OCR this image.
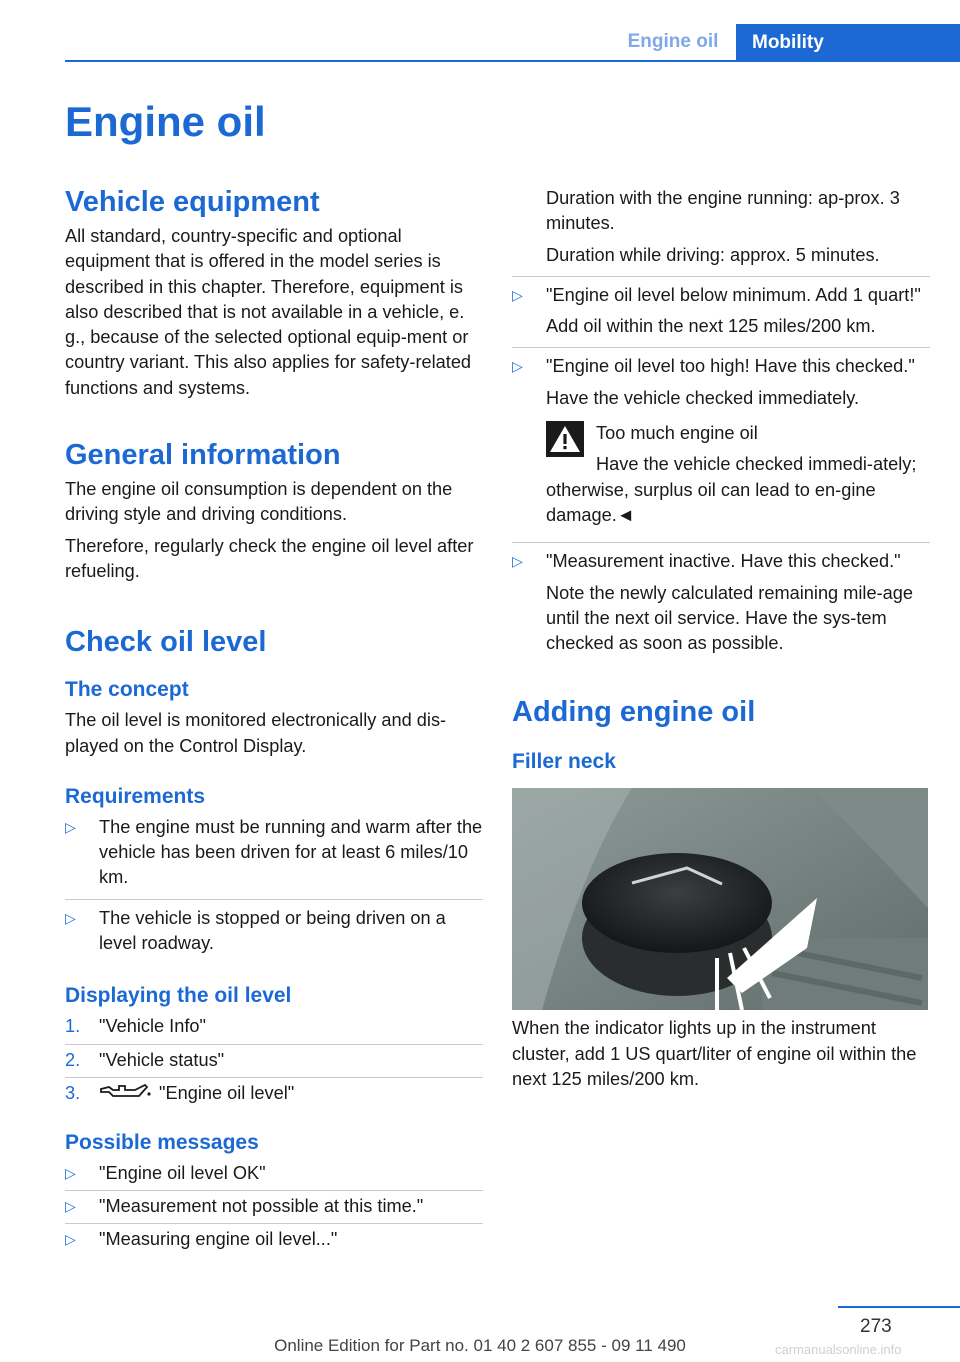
Engine oil	Mobility
Engine oil
Vehicle equipment

All standard, country-specific and optional equipment that is offered in the model series is described in this chapter. Therefore, equipment is also described that is not available in a vehicle, e. g., because of the selected optional equip-ment or country variant. This also applies for safety-related functions and systems.

General information

The engine oil consumption is dependent on the driving style and driving conditions.

Therefore, regularly check the engine oil level after refueling.

Check oil level
The concept

The oil level is monitored electronically and dis-played on the Control Display.

Requirements
▷ The engine must be running and warm after the vehicle has been driven for at least 6 miles/10 km.
▷ The vehicle is stopped or being driven on a level roadway.
Displaying the oil level
1. "Vehicle Info"
2. "Vehicle status"
3.	"Engine oil level"
Possible messages
▷ "Engine oil level OK"
▷ "Measurement not possible at this time."
▷ "Measuring engine oil level..."

Duration with the engine running: ap-prox. 3 minutes.

Duration while driving: approx. 5 minutes.

▷ "Engine oil level below minimum. Add 1 quart!"

Add oil within the next 125 miles/200 km.

▷ "Engine oil level too high! Have this checked."

Have the vehicle checked immediately.

Too much engine oil

Have the vehicle checked immedi-ately; otherwise, surplus oil can lead to en-gine damage.◄

▷ "Measurement inactive. Have this checked."

Note the newly calculated remaining mile-age until the next oil service. Have the sys-tem checked as soon as possible.

Adding engine oil
Filler neck

When the indicator lights up in the instrument cluster, add 1 US quart/liter of engine oil within the next 125 miles/200 km.

273
Online Edition for Part no. 01 40 2 607 855 - 09 11 490	carmanualsonline.info
